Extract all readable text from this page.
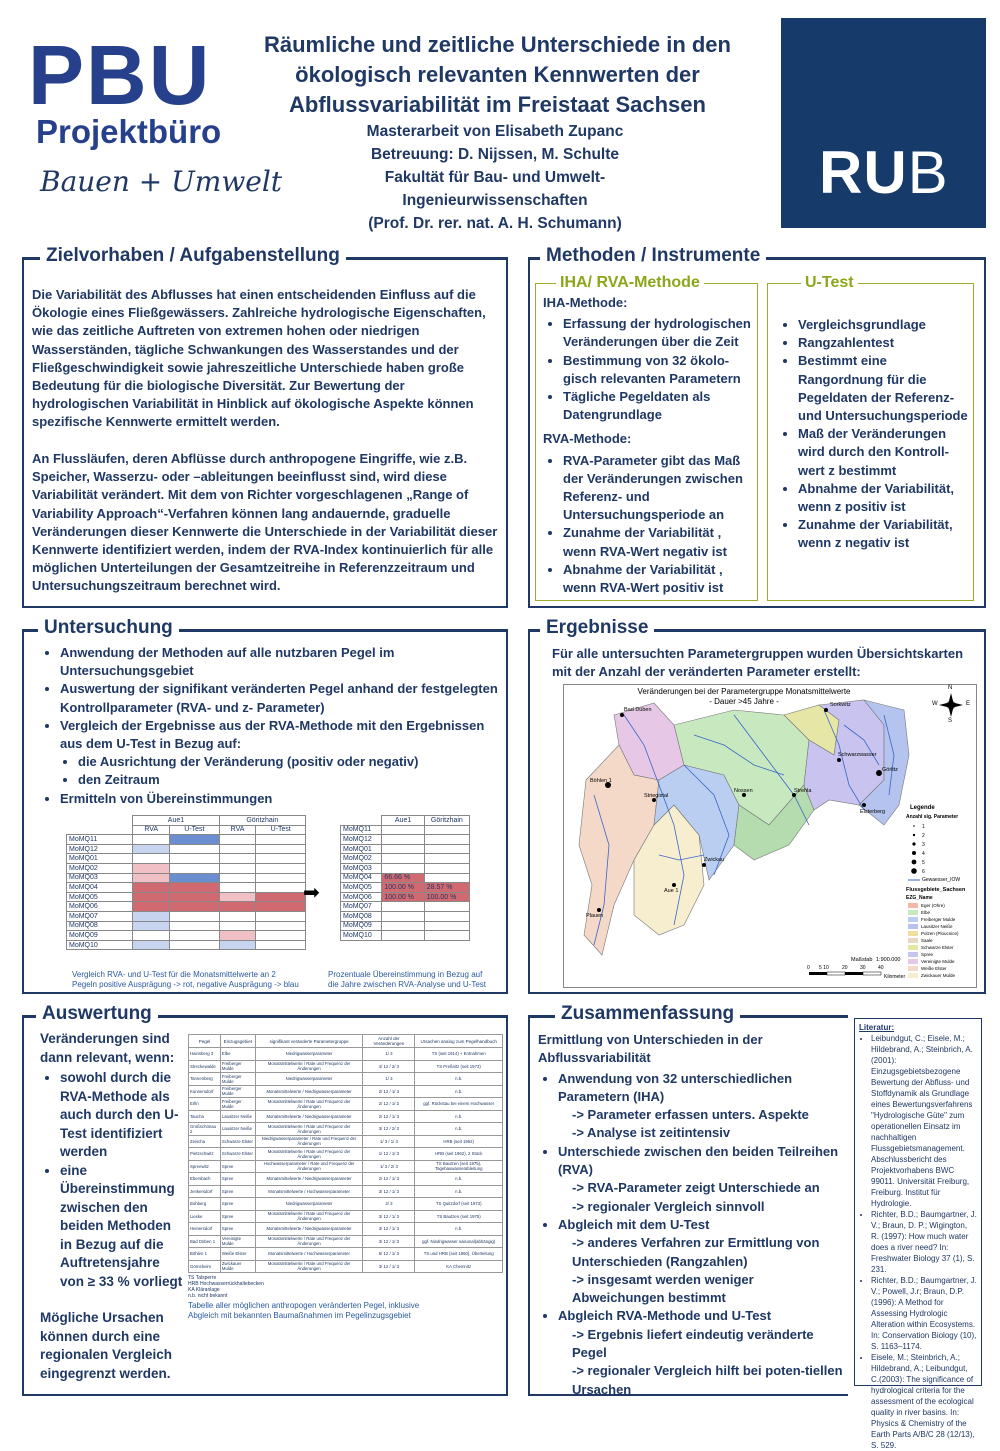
PBU
Projektbüro
Bauen + Umwelt
Räumliche und zeitliche Unterschiede in den
ökologisch relevanten Kennwerten der
Abflussvariabilität im Freistaat Sachsen
Masterarbeit von Elisabeth Zupanc
Betreuung: D. Nijssen, M. Schulte
Fakultät für Bau- und Umwelt-
Ingenieurwissenschaften
(Prof. Dr. rer. nat. A. H. Schumann)
RUB
Zielvorhaben / Aufgabenstellung
Die Variabilität des Abflusses hat einen entscheidenden Einfluss auf die Ökologie eines Fließgewässers. Zahlreiche hydrologische Eigenschaften, wie das zeitliche Auftreten von extremen hohen oder niedrigen Wasserständen, tägliche Schwankungen des Wasserstandes und der Fließgeschwindigkeit sowie jahreszeitliche Unterschiede haben große Bedeutung für die biologische Diversität. Zur Bewertung der hydrologischen Variabilität in Hinblick auf ökologische Aspekte können spezifische Kennwerte ermittelt werden.
An Flussläufen, deren Abflüsse durch anthropogene Eingriffe, wie z.B. Speicher, Wasserzu- oder –ableitungen beeinflusst sind, wird diese Variabilität verändert. Mit dem von Richter vorgeschlagenen „Range of Variability Approach“-Verfahren können lang andauernde, graduelle Veränderungen dieser Kennwerte die Unterschiede in der Variabilität dieser Kennwerte identifiziert werden, indem der RVA-Index kontinuierlich für alle möglichen Unterteilungen der Gesamtzeitreihe in Referenzzeitraum und Untersuchungszeitraum berechnet wird.
Methoden / Instrumente
IHA/ RVA-Methode
IHA-Methode:
• Erfassung der hydrologischen Veränderungen über die Zeit
• Bestimmung von 32 ökolo-gisch relevanten Parametern
• Tägliche Pegeldaten als Datengrundlage
RVA-Methode:
• RVA-Parameter gibt das Maß der Veränderungen zwischen Referenz- und Untersuchungsperiode an
• Zunahme der Variabilität , wenn RVA-Wert negativ ist
• Abnahme der Variabilität , wenn RVA-Wert positiv ist
U-Test
• Vergleichsgrundlage
• Rangzahlentest
• Bestimmt eine Rangordnung für die Pegeldaten der Referenz- und Untersuchungsperiode
• Maß der Veränderungen wird durch den Kontroll-wert z bestimmt
• Abnahme der Variabilität, wenn z positiv ist
• Zunahme der Variabilität, wenn z negativ ist
Untersuchung
• Anwendung der Methoden auf alle nutzbaren Pegel im Untersuchungsgebiet
• Auswertung der signifikant veränderten Pegel anhand der festgelegten Kontrollparameter (RVA- und z- Parameter)
• Vergleich der Ergebnisse aus der RVA-Methode mit den Ergebnissen aus dem U-Test in Bezug auf:
• die Ausrichtung der Veränderung (positiv oder negativ)
• den Zeitraum
• Ermitteln von Übereinstimmungen
	Aue1		Göritzhain	
	RVA	U-Test	RVA	U-Test
MoMQ11				
MoMQ12				
MoMQ01				
MoMQ02				
MoMQ03				
MoMQ04				
MoMQ05				
MoMQ06				
MoMQ07				
MoMQ08				
MoMQ09				
MoMQ10				
➡
	Aue1	Göritzhain
MoMQ11		
MoMQ12		
MoMQ01		
MoMQ02		
MoMQ03		
MoMQ04	66.66 %	
MoMQ05	100.00 %	28.57 %
MoMQ06	100.00 %	100.00 %
MoMQ07		
MoMQ08		
MoMQ09		
MoMQ10		
Vergleich RVA- und U-Test für die Monatsmittelwerte an 2 Pegeln positive Ausprägung -> rot, negative Ausprägung -> blau
Prozentuale Übereinstimmung in Bezug auf die Jahre zwischen RVA-Analyse und U-Test
Ergebnisse
Für alle untersuchten Parametergruppen wurden Übersichtskarten mit der Anzahl der veränderten Parameter erstellt:
Veränderungen bei der Parametergruppe Monatsmittelwerte
- Dauer >45 Jahre -
N
S
E
W
Bad Düben
Sorkwitz
Böhlen 1
Schwarzwasser
Nossen
Görlitz
Aue 1
Zwickau
Plauen
Striegistal
Strehla
Elsterberg
Legende
Anzahl sig. Parameter
1
2
3
4
5
6
Gewaesser_IOW
Flussgebiete_Sachsen
EZG_Name
Eger (Ohre)
Elbe
Freiberger Mulde
Lausitzer Neiße
Polzen (Ploucnice)
Saale
Schwarze Elster
Spree
Vereinigte Mulde
Weiße Elster
Zwickauer Mulde
Maßstab 1:900.000
0 5 10	20 30 40
Kilometer
Auswertung
Veränderungen sind dann relevant, wenn:
• sowohl durch die RVA-Methode als auch durch den U-Test identifiziert werden
• eine Übereinstimmung zwischen den beiden Methoden in Bezug auf die Auftretensjahre von ≥ 33 % vorliegt
Mögliche Ursachen können durch eine regionalen Vergleich eingegrenzt werden.
Pegel	Einzugsgebiet	signifikant veränderte Parametergruppe	Anzahl der Veränderungen	Ursachen analog zum Pegelhandbuch
Hainsberg 3	Elbe	Niedrigwasserparameter	1/ 3	TS (seit 1914) + Entnahmen
Streckewalde	Freiberger Mulde	Monatsmittelwerte / Rate und Frequenz der Änderungen	4/ 12 / 2/ 3	TS Preßnitz (seit 1973)
Tannenberg	Freiberger Mulde	Niedrigwasserparameter	1/ 3	n.b.
Kunnersdorf	Freiberger Mulde	Monatsmittelwerte / Niedrigwasserparameter	2/ 12 / 1/ 3	n.b.
Erlln	Freiberger Mulde	Monatsmittelwerte / Rate und Frequenz der Änderungen	2/ 12 / 1/ 2	ggf. Rückstau bei einem Hochwasser
Taucha	Lausitzer Neiße	Monatsmittelwerte / Niedrigwasserparameter	2/ 12 / 1/ 3	n.b.
Großschönau 2	Lausitzer Neiße	Monatsmittelwerte / Rate und Frequenz der Änderungen	3/ 12 / 2/ 3	n.b.
Zeischa	Schwarze Elster	Niedrigwasserparameter / Rate und Frequenz der Änderungen	1/ 3 / 1/ 3	HRB (seit 1962)
Pietzschwitz	Schwarze Elster	Monatsmittelwerte / Rate und Frequenz der Änderungen	1/ 12 / 1/ 3	HRB (seit 1962), 2 Stück
Spreewitz	Spree	Hochwasserparameter / Rate und Frequenz der Änderungen	1/ 3 / 2/ 3	TS Bautzen (seit 1975), Tagebauwasserableitung
Ebersbach	Spree	Monatsmittelwerte / Niedrigwasserparameter	2/ 12 / 1/ 3	n.b.
Jenkersdorf	Spree	Monatsmittelwerte / Hochwasserparameter	3/ 12 / 1/ 3	n.b.
Bohberg	Spree	Niedrigwasserparameter	2/ 3	TS Quitzdorf (seit 1973)
Lieske	Spree	Monatsmittelwerte / Rate und Frequenz der Änderungen	3/ 12 / 1/ 3	TS Bautzen (seit 1975)
Heinersdorf	Spree	Monatsmittelwerte / Niedrigwasserparameter	3/ 12 / 1/ 3	n.b.
Bad Düben 1	Vereinigte Mulde	Monatsmittelwerte / Rate und Frequenz der Änderungen	3/ 12 / 1/ 3	ggf. Niedrigwasser saisonal(abhängig)
Böhlen 1	Weiße Elster	Monatsmittelwerte / Hochwasserparameter	6/ 12 / 1/ 3	TS und HRB (seit 1960), Überleitung
Görnsheim	Zwickauer Mulde	Monatsmittelwerte / Rate und Frequenz der Änderungen	3/ 12 / 1/ 3	KA Chemnitz
TS Talsperre
HRB Hochwasserrückhaltebecken
KA Kläranlage
n.b. nicht bekannt
Tabelle aller möglichen anthropogen veränderten Pegel, inklusive Abgleich mit bekannten Baumaßnahmen im Pegelinzugsgebiet
Zusammenfassung
Ermittlung von Unterschieden in der Abflussvariabilität
• Anwendung von 32 unterschiedlichen Parametern (IHA)
-> Parameter erfassen unters. Aspekte
-> Analyse ist zeitintensiv
• Unterschiede zwischen den beiden Teilreihen (RVA)
-> RVA-Parameter zeigt Unterschiede an
-> regionaler Vergleich sinnvoll
• Abgleich mit dem U-Test
-> anderes Verfahren zur Ermittlung von Unterschieden (Rangzahlen)
-> insgesamt werden weniger Abweichungen bestimmt
• Abgleich RVA-Methode und U-Test
-> Ergebnis liefert eindeutig veränderte Pegel
-> regionaler Vergleich hilft bei poten-tiellen Ursachen
Literatur:
• Leibundgut, C.; Eisele, M.; Hildebrand, A.; Steinbrich, A. (2001): Einzugsgebietsbezogene Bewertung der Abfluss- und Stoffdynamik als Grundlage eines Bewertungsverfahrens "Hydrologische Güte" zum operationellen Einsatz im nachhaltigen Flussgebietsmanagement. Abschlussbericht des Projektvorhabens BWC 99011. Universität Freiburg, Freiburg. Institut für Hydrologie.
• Richter, B.D.; Baumgartner, J. V.; Braun, D. P.; Wigington, R. (1997): How much water does a river need? In: Freshwater Biology 37 (1), S. 231.
• Richter, B.D.; Baumgartner, J. V.; Powell, J.r; Braun, D.P. (1996): A Method for Assessing Hydrologic Alteration within Ecosystems. In: Conservation Biology (10), S. 1163–1174.
• Eisele, M.; Steinbrich, A.; Hildebrand, A.; Leibundgut, C.(2003): The significance of hydrological criteria for the assessment of the ecological quality in river basins. In: Physics & Chemistry of the Earth Parts A/B/C 28 (12/13), S. 529.
